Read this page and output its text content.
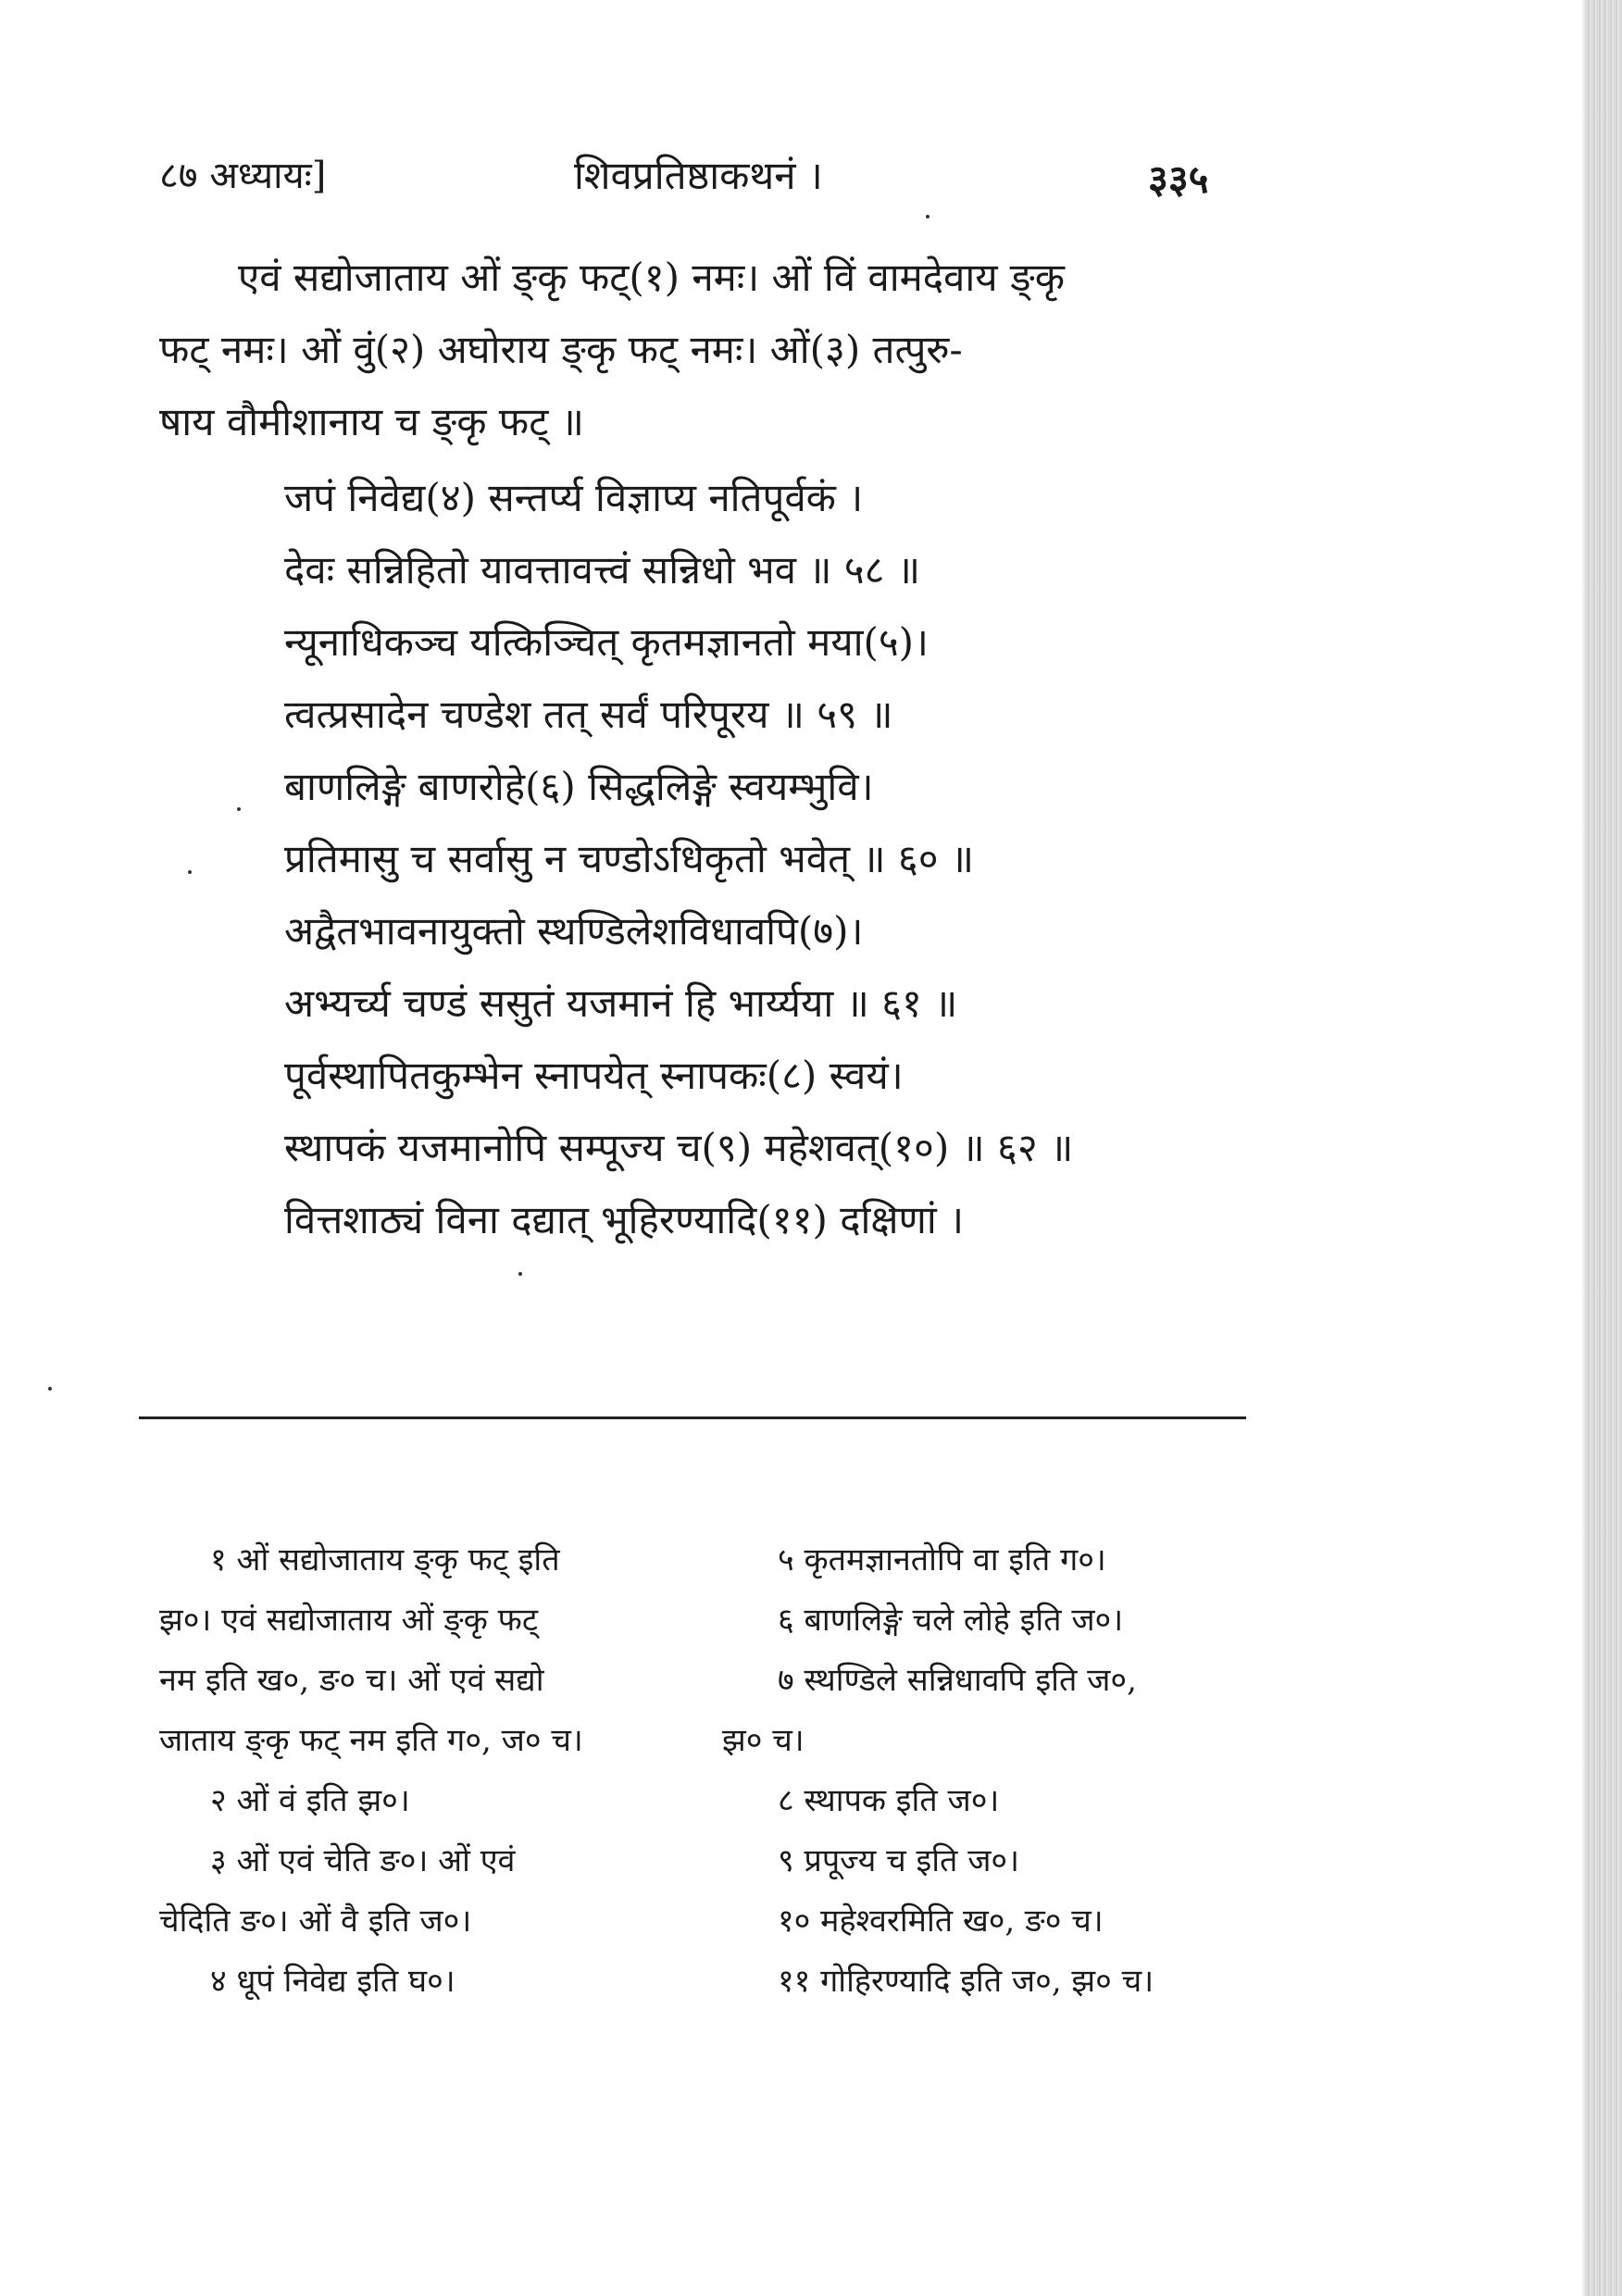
८७ अध्यायः]	शिवप्रतिष्ठाकथनं ।	३३५
एवं सद्योजाताय ओं ङ्कृ फट्(१) नमः। ओं विं वामदेवाय ङ्कृ
फट् नमः। ओं वुं(२) अघोराय ङ्कृ फट् नमः। ओं(३) तत्पुरु-
षाय वौमीशानाय च ङ्कृ फट् ॥
जपं निवेद्य(४) सन्तर्प्य विज्ञाप्य नतिपूर्वकं ।
देवः सन्निहितो यावत्तावत्त्वं सन्निधो भव ॥ ५८ ॥
न्यूनाधिकञ्च यत्किञ्चित् कृतमज्ञानतो मया(५)।
त्वत्प्रसादेन चण्डेश तत् सर्वं परिपूरय ॥ ५९ ॥
बाणलिङ्गे बाणरोहे(६) सिद्धलिङ्गे स्वयम्भुवि।
प्रतिमासु च सर्वासु न चण्डोऽधिकृतो भवेत् ॥ ६० ॥
अद्वैतभावनायुक्तो स्थण्डिलेशविधावपि(७)।
अभ्यर्च्य चण्डं ससुतं यजमानं हि भार्य्यया ॥ ६१ ॥
पूर्वस्थापितकुम्भेन स्नापयेत् स्नापकः(८) स्वयं।
स्थापकं यजमानोपि सम्पूज्य च(९) महेशवत्(१०) ॥ ६२ ॥
वित्तशाठ्यं विना दद्यात् भूहिरण्यादि(११) दक्षिणां ।
१ ओं सद्योजाताय ङ्कृ फट् इति
झ०। एवं सद्योजाताय ओं ङ्कृ फट्
नम इति ख०, ङ० च। ओं एवं सद्यो
जाताय ङ्कृ फट् नम इति ग०, ज० च।
२ ओं वं इति झ०।
३ ओं एवं चेति ङ०। ओं एवं
चेदिति ङ०। ओं वै इति ज०।
४ धूपं निवेद्य इति घ०।
५ कृतमज्ञानतोपि वा इति ग०।
६ बाणलिङ्गे चले लोहे इति ज०।
७ स्थण्डिले सन्निधावपि इति ज०,
झ० च।
८ स्थापक इति ज०।
९ प्रपूज्य च इति ज०।
१० महेश्वरमिति ख०, ङ० च।
११ गोहिरण्यादि इति ज०, झ० च।
